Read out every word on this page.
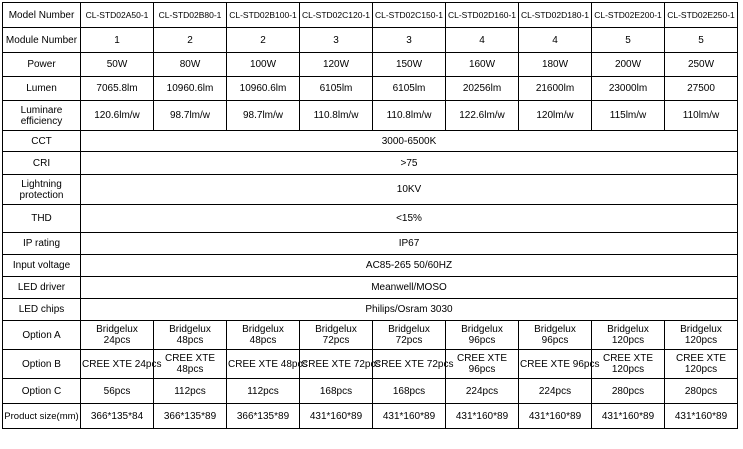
Model Number	CL-STD02A50-1	CL-STD02B80-1	CL-STD02B100-1	CL-STD02C120-1	CL-STD02C150-1	CL-STD02D160-1	CL-STD02D180-1	CL-STD02E200-1	CL-STD02E250-1
Module Number	1	2	2	3	3	4	4	5	5
Power	50W	80W	100W	120W	150W	160W	180W	200W	250W
Lumen	7065.8lm	10960.6lm	10960.6lm	6105lm	6105lm	20256lm	21600lm	23000lm	27500
Luminare efficiency	120.6lm/w	98.7lm/w	98.7lm/w	110.8lm/w	110.8lm/w	122.6lm/w	120lm/w	115lm/w	110lm/w
CCT	3000-6500K								
CRI	>75								
Lightning protection	10KV								
THD	<15%								
IP rating	IP67								
Input voltage	AC85-265 50/60HZ								
LED driver	Meanwell/MOSO								
LED chips	Philips/Osram 3030								
Option A	Bridgelux 24pcs	Bridgelux 48pcs	Bridgelux 48pcs	Bridgelux 72pcs	Bridgelux 72pcs	Bridgelux 96pcs	Bridgelux 96pcs	Bridgelux 120pcs	Bridgelux 120pcs
Option B	CREE XTE 24pcs	CREE XTE 48pcs	CREE XTE 48pcs	CREE XTE 72pcs	CREE XTE 72pcs	CREE XTE 96pcs	CREE XTE 96pcs	CREE XTE 120pcs	CREE XTE 120pcs
Option C	56pcs	112pcs	112pcs	168pcs	168pcs	224pcs	224pcs	280pcs	280pcs
Product size(mm)	366*135*84	366*135*89	366*135*89	431*160*89	431*160*89	431*160*89	431*160*89	431*160*89	431*160*89
